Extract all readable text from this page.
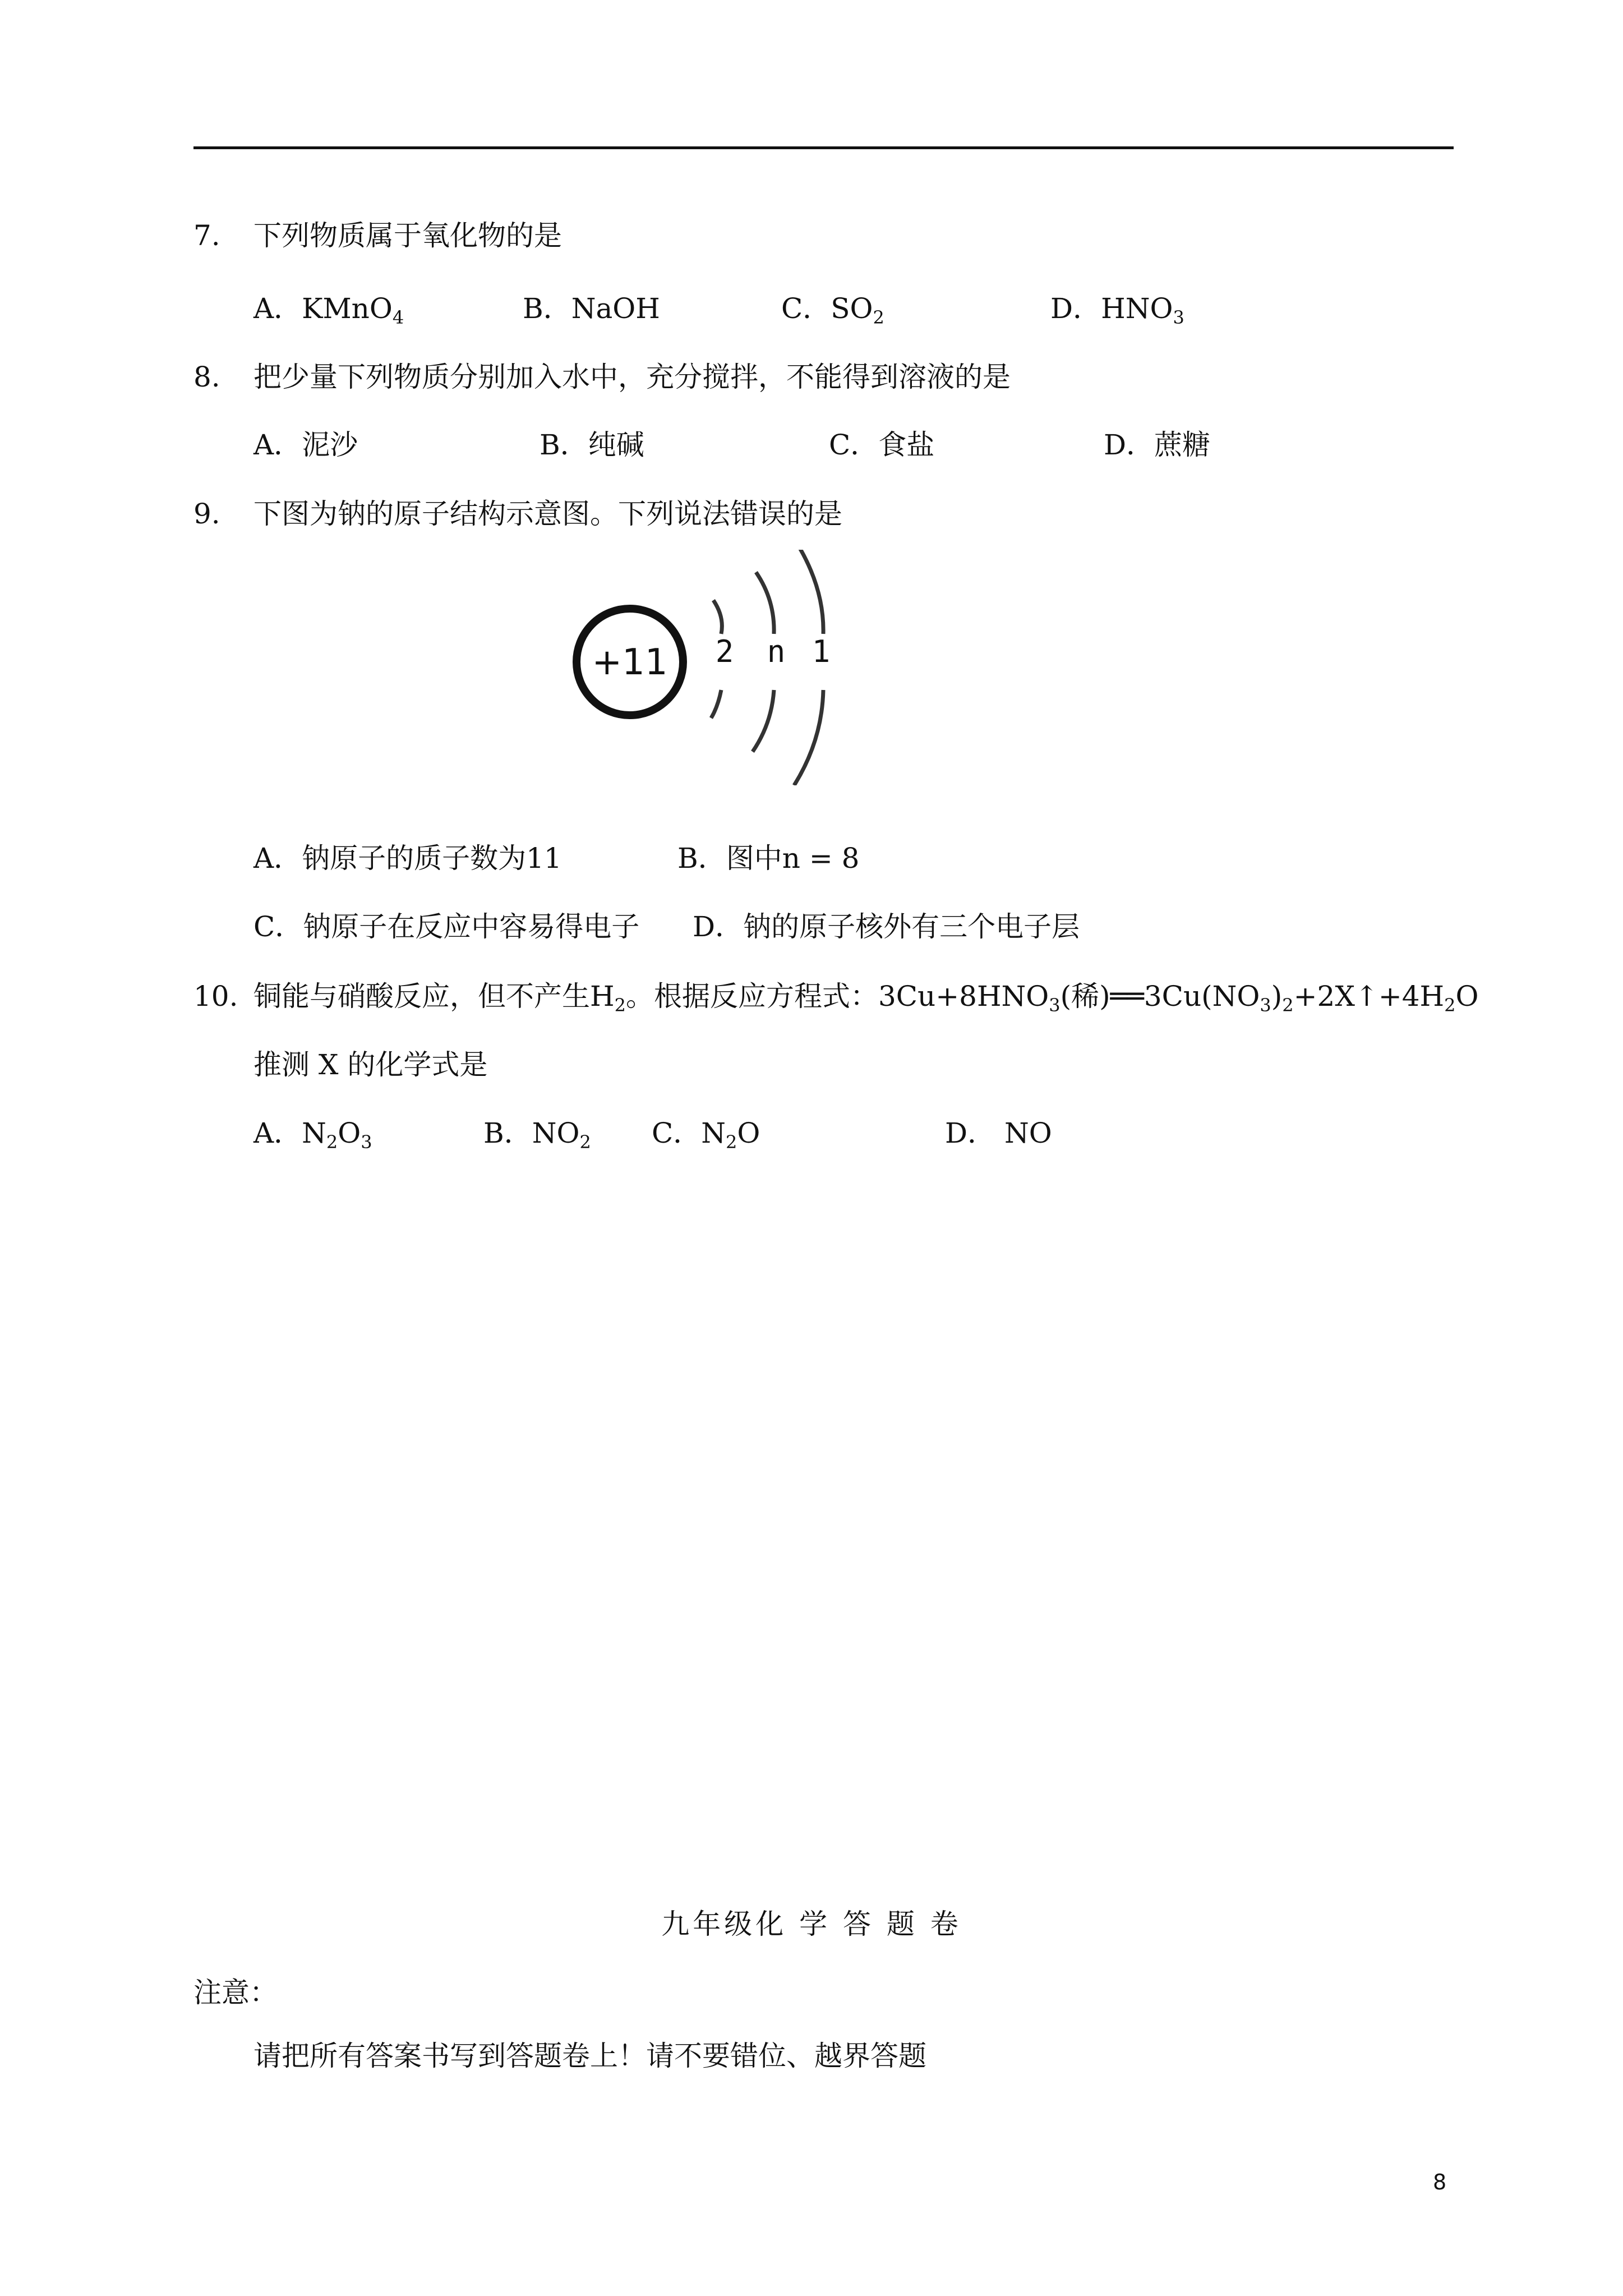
7. 下列物质属于氧化物的是
A．KMnO$_4$	B．NaOH	C．$SO_2$	D．$HNO_3$
8. 把少量下列物质分别加入水中，充分搅拌，不能得到溶液的是
A．泥沙	B．纯碱	C．食盐	D．蔗糖
9. 下图为钠的原子结构示意图。下列说法错误的是
+11 2 n 1
A．钠原子的质子数为11	B．图中n = 8
C．钠原子在反应中容易得电子 D．钠的原子核外有三个电子层
10. 铜能与硝酸反应，但不产生$H_2$。根据反应方程式：$3Cu+8HNO_3$(稀)$══3Cu(NO_3)_2+2X↑+4H_2O$
推测 X 的化学式是
A．$N_2O_3$	B．$NO_2$ C．$N_2O$	D． NO
九年级化 学 答 题 卷
注意：
请把所有答案书写到答题卷上！请不要错位、越界答题
8
